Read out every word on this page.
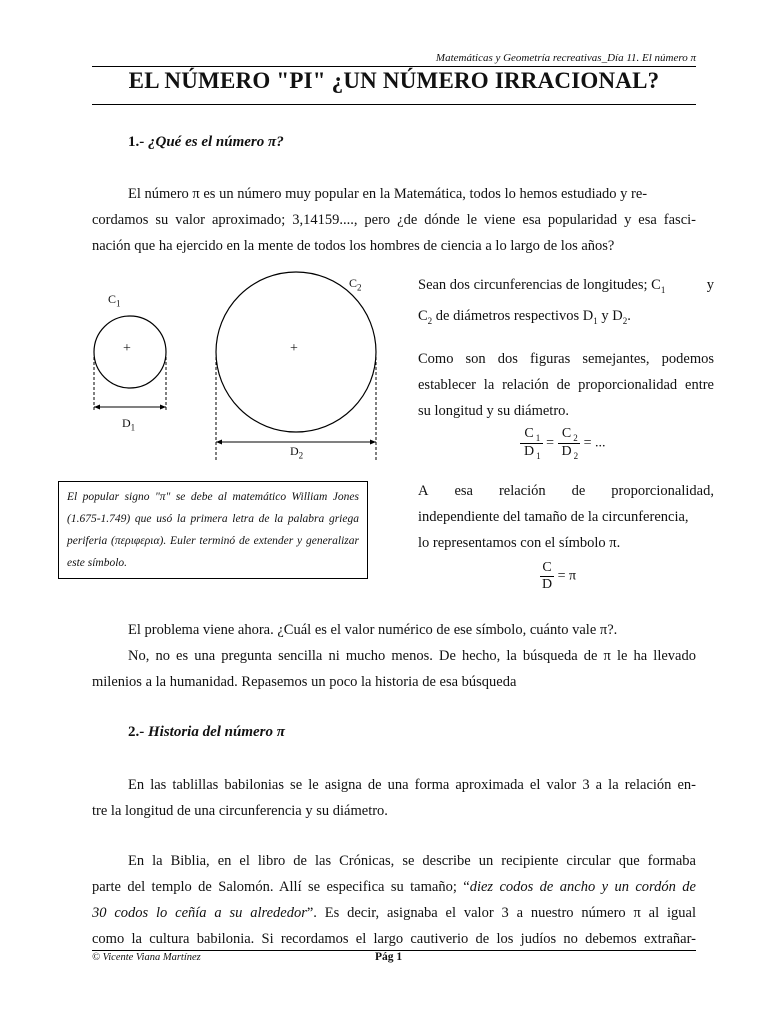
Matemáticas y Geometría recreativas_Día 11. El número π
EL NÚMERO "PI" ¿UN NÚMERO IRRACIONAL?
1.- ¿Qué es el número π?
El número π es un número muy popular en la Matemática, todos lo hemos estudiado y re-
cordamos su valor aproximado; 3,14159...., pero ¿de dónde le viene esa popularidad y esa fasci-
nación que ha ejercido en la mente de todos los hombres de ciencia a lo largo de los años?
+	+
$C_1$
$C_2$
$D_1$
$D_2$
Sean dos circunferencias de longitudes; $C_1$	y
$C_2$ de diámetros respectivos $D_1$ y $D_2$.
Como son dos figuras semejantes, podemos
establecer la relación de proporcionalidad entre
su longitud y su diámetro.
$\frac{C _1}{D _1} = \frac{C _2}{D _2}$ = ...
A esa relación de proporcionalidad,
independiente del tamaño de la circunferencia,
lo representamos con el símbolo π.
$\frac{C}{D} = \pi$
El popular signo "π" se debe al matemático William Jones (1.675-1.749) que usó la primera letra de la palabra griega periferia (περιφερια). Euler terminó de extender y generalizar este símbolo.
El problema viene ahora. ¿Cuál es el valor numérico de ese símbolo, cuánto vale π?.
No, no es una pregunta sencilla ni mucho menos. De hecho, la búsqueda de π le ha llevado
milenios a la humanidad. Repasemos un poco la historia de esa búsqueda
2.- Historia del número π
En las tablillas babilonias se le asigna de una forma aproximada el valor 3 a la relación en-
tre la longitud de una circunferencia y su diámetro.
En la Biblia, en el libro de las Crónicas, se describe un recipiente circular que formaba
parte del templo de Salomón. Allí se especifica su tamaño; “diez codos de ancho y un cordón de
30 codos lo ceñía a su alrededor”. Es decir, asignaba el valor 3 a nuestro número π al igual
como la cultura babilonia. Si recordamos el largo cautiverio de los judíos no debemos extrañar-
© Vicente Viana Martínez	Pág 1
